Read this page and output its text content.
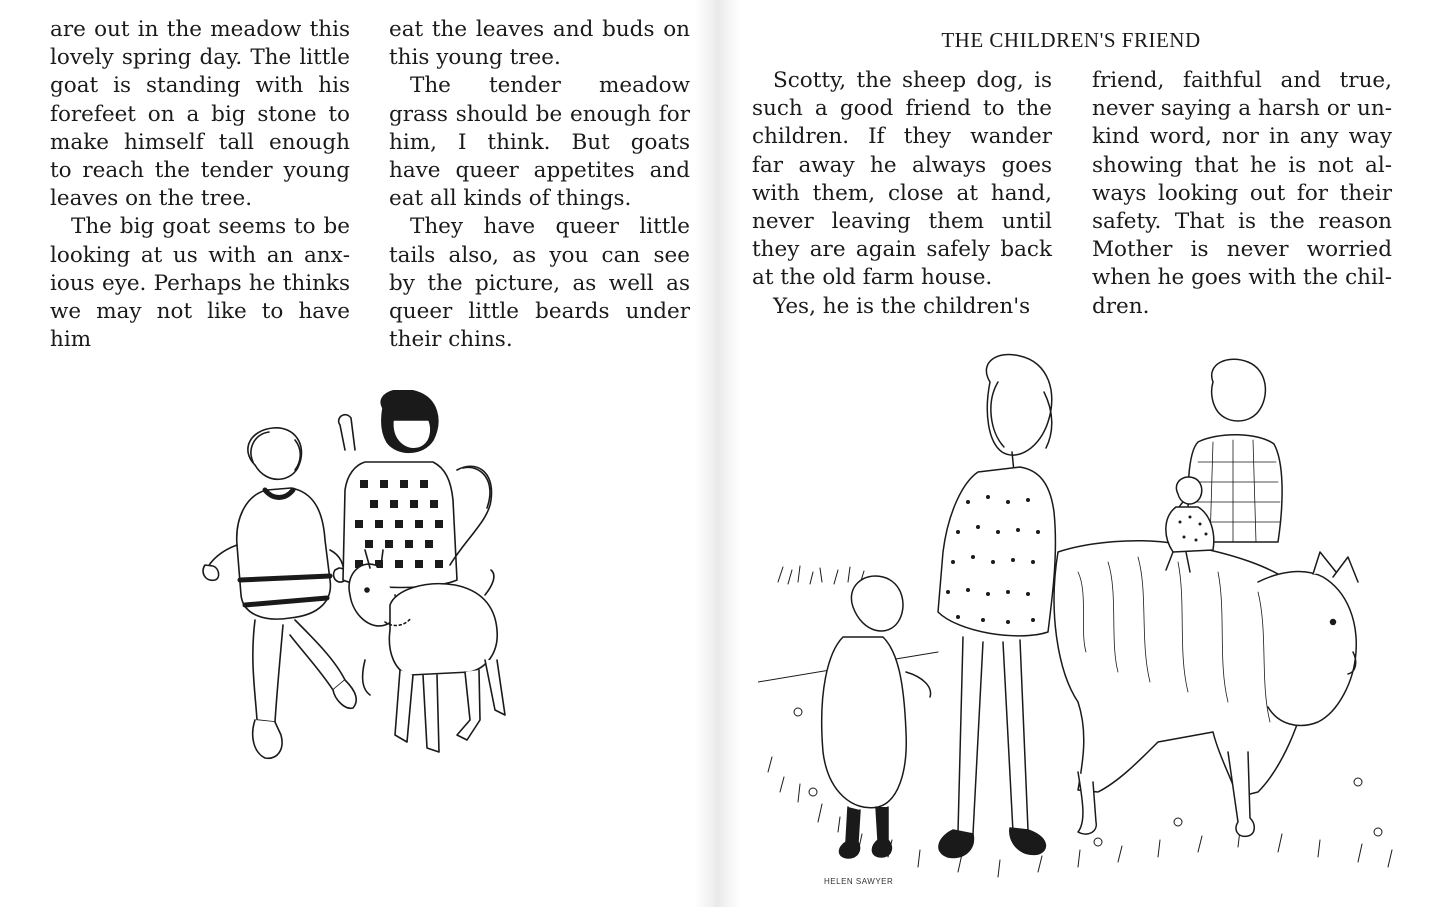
are out in the meadow this lovely spring day. The little goat is standing with his forefeet on a big stone to make himself tall enough to reach the tender young leaves on the tree.

The big goat seems to be looking at us with an anxious eye. Perhaps he thinks we may not like to have him

eat the leaves and buds on this young tree.

The tender meadow grass should be enough for him, I think. But goats have queer appetites and eat all kinds of things.

They have queer little tails also, as you can see by the picture, as well as queer little beards under their chins.

THE CHILDREN'S FRIEND

Scotty, the sheep dog, is such a good friend to the children. If they wander far away he always goes with them, close at hand, never leaving them until they are again safely back at the old farm house.

Yes, he is the children's

friend, faithful and true, never saying a harsh or unkind word, nor in any way showing that he is not always looking out for their safety. That is the reason Mother is never worried when he goes with the children.

HELEN SAWYER
